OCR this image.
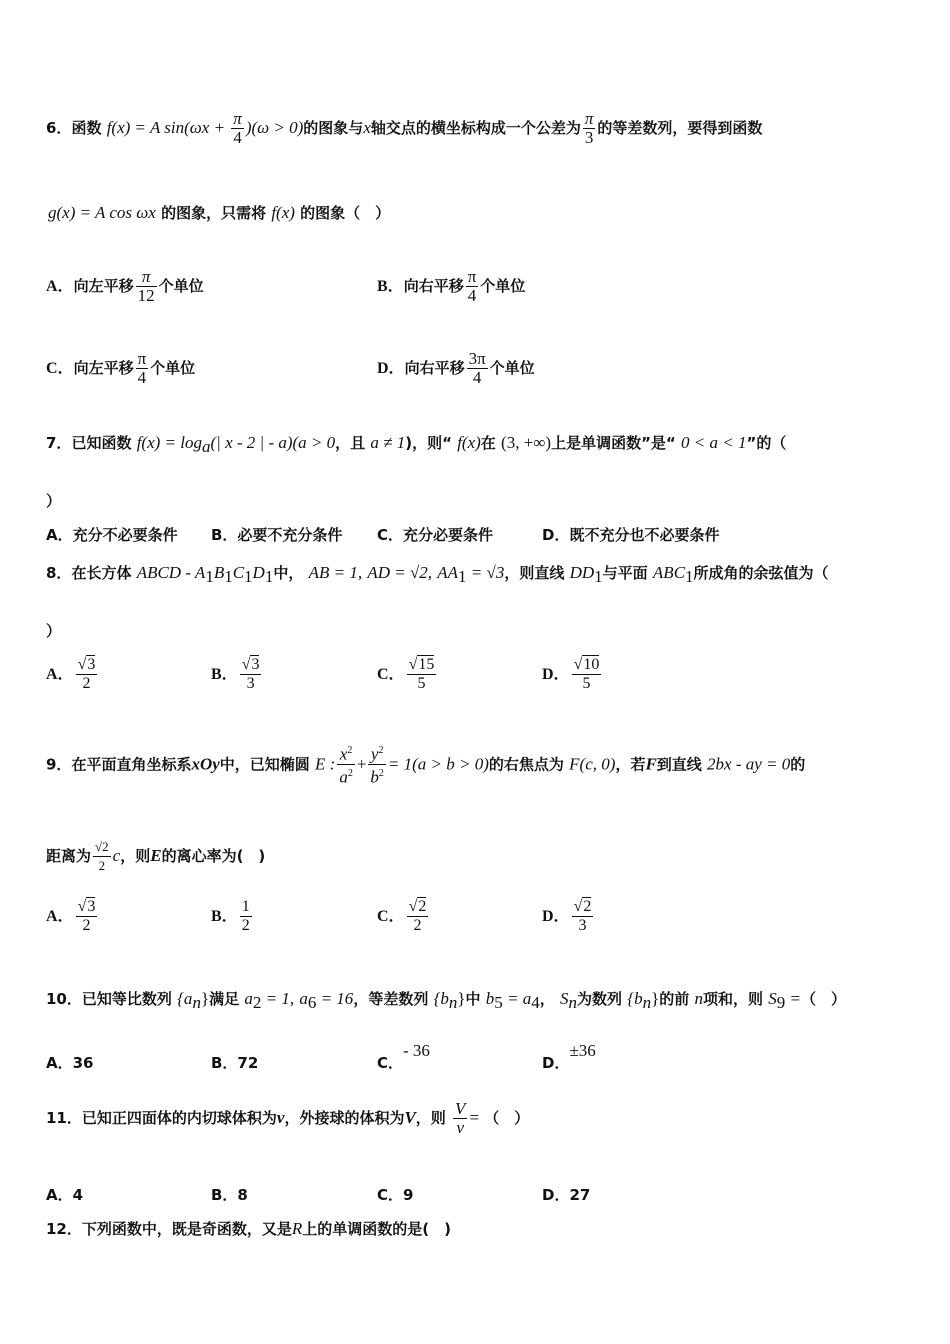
6．函数 f(x) = A $\sin(\omega x + \frac{\pi}{4} )(\omega > 0)$的图象与x轴交点的横坐标构成一个公差为 $\frac{\pi}{3}$ 的等差数列，要得到函数
g(x) = A cos ωx 的图象，只需将 f(x) 的图象（　）
A．向左平移 $\frac{\pi}{12}$ 个单位	B．向右平移 $\frac{\pi}{4}$ 个单位
C．向左平移 $\frac{\pi}{4}$ 个单位	D．向右平移 $\frac{3\pi}{4}$ 个单位
7．已知函数 $f(x) = \log_a(|$ x - 2 | - a)(a > 0，且 a ≠ 1)，则“ f(x)在 (3, +∞)上是单调函数”是“ 0 < a < 1”的（
）
A．充分不必要条件 B．必要不充分条件 C．充分必要条件	D．既不充分也不必要条件
8．在长方体 ABCD - $A_1B_1C_1D_1$中， AB = 1, AD = √2, $AA_1 = √3$，则直线 $DD_1$与平面 $ABC_1$所成角的余弦值为（
）
A． $\frac{√3}{2}$	B． $\frac{√3}{3}$	C． $\frac{√15}{5}$	D． $\frac{√10}{5}$
9．在平面直角坐标系xOy中，已知椭圆 E : $\frac{x^2}{a^2} + \frac{y^2}{b^2} = 1(a > b > 0)$的右焦点为 F(c, 0)，若F到直线 2bx - ay = 0的
距离为 $\frac{√2}{2}$ c，则E的离心率为(　)
A． $\frac{√3}{2}$	B． $\frac{1}{2}$	C． $\frac{√2}{2}$	D． $\frac{√2}{3}$
10．已知等比数列 $\{a_n\}$满足 $a_2 = 1$, $a_6 = 16$，等差数列 $\{b_n\}$中 $b_5 = a_4$， $S_n$为数列 $\{b_n\}$的前 n项和，则 $S_9$ =（　）
A．36	B．72	C．- 36
D．±36
11．已知正四面体的内切球体积为v，外接球的体积为V，则 $\frac{V}{v}$ = （　）
A．4	B．8	C．9	D．27
12．下列函数中，既是奇函数，又是R上的单调函数的是(　)
